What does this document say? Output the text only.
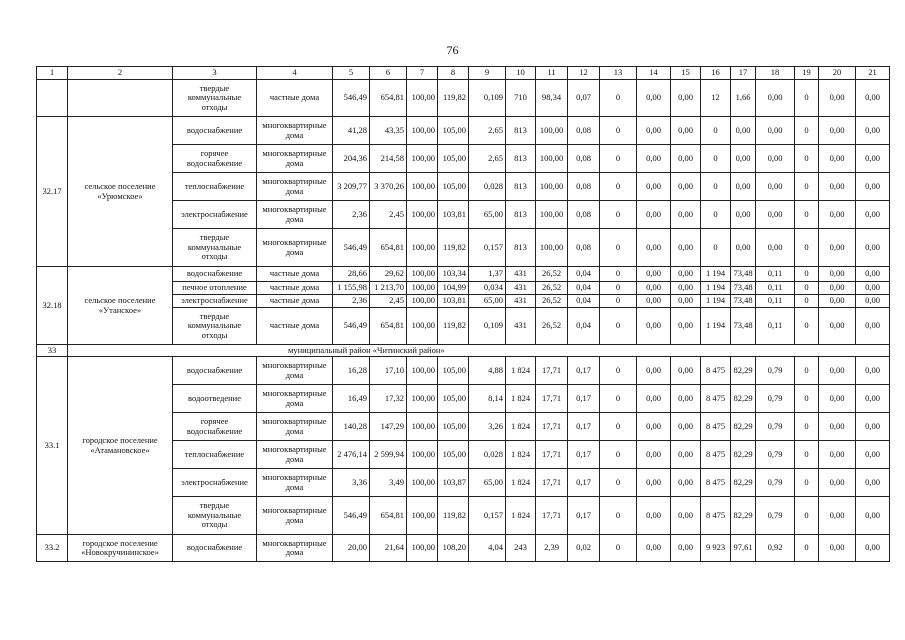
76
1	2	3	4	5	6	7	8	9	10	11	12	13	14	15	16	17	18	19	20	21
		твердые коммунальные отходы	частные дома	546,49	654,81	100,00	119,82	0,109	710	98,34	0,07	0	0,00	0,00	12	1,66	0,00	0	0,00	0,00
32.17	сельское поселение «Урюмское»	водоснабжение	многоквартирные дома	41,28	43,35	100,00	105,00	2,65	813	100,00	0,08	0	0,00	0,00	0	0,00	0,00	0	0,00	0,00
		горячее водоснабжение	многоквартирные дома	204,36	214,58	100,00	105,00	2,65	813	100,00	0,08	0	0,00	0,00	0	0,00	0,00	0	0,00	0,00
		теплоснабжение	многоквартирные дома	3 209,77	3 370,26	100,00	105,00	0,028	813	100,00	0,08	0	0,00	0,00	0	0,00	0,00	0	0,00	0,00
		электроснабжение	многоквартирные дома	2,36	2,45	100,00	103,81	65,00	813	100,00	0,08	0	0,00	0,00	0	0,00	0,00	0	0,00	0,00
		твердые коммунальные отходы	многоквартирные дома	546,49	654,81	100,00	119,82	0,157	813	100,00	0,08	0	0,00	0,00	0	0,00	0,00	0	0,00	0,00
32.18	сельское поселение «Утанское»	водоснабжение	частные дома	28,66	29,62	100,00	103,34	1,37	431	26,52	0,04	0	0,00	0,00	1 194	73,48	0,11	0	0,00	0,00
		печное отопление	частные дома	1 155,98	1 213,70	100,00	104,99	0,034	431	26,52	0,04	0	0,00	0,00	1 194	73,48	0,11	0	0,00	0,00
		электроснабжение	частные дома	2,36	2,45	100,00	103,81	65,00	431	26,52	0,04	0	0,00	0,00	1 194	73,48	0,11	0	0,00	0,00
		твердые коммунальные отходы	частные дома	546,49	654,81	100,00	119,82	0,109	431	26,52	0,04	0	0,00	0,00	1 194	73,48	0,11	0	0,00	0,00
33	муниципальный район «Читинский район»																			
33.1	городское поселение «Атамановское»	водоснабжение	многоквартирные дома	16,28	17,10	100,00	105,00	4,88	1 824	17,71	0,17	0	0,00	0,00	8 475	82,29	0,79	0	0,00	0,00
		водоотведение	многоквартирные дома	16,49	17,32	100,00	105,00	8,14	1 824	17,71	0,17	0	0,00	0,00	8 475	82,29	0,79	0	0,00	0,00
		горячее водоснабжение	многоквартирные дома	140,28	147,29	100,00	105,00	3,26	1 824	17,71	0,17	0	0,00	0,00	8 475	82,29	0,79	0	0,00	0,00
		теплоснабжение	многоквартирные дома	2 476,14	2 599,94	100,00	105,00	0,028	1 824	17,71	0,17	0	0,00	0,00	8 475	82,29	0,79	0	0,00	0,00
		электроснабжение	многоквартирные дома	3,36	3,49	100,00	103,87	65,00	1 824	17,71	0,17	0	0,00	0,00	8 475	82,29	0,79	0	0,00	0,00
		твердые коммунальные отходы	многоквартирные дома	546,49	654,81	100,00	119,82	0,157	1 824	17,71	0,17	0	0,00	0,00	8 475	82,29	0,79	0	0,00	0,00
33.2	городское поселение «Новокручининское»	водоснабжение	многоквартирные дома	20,00	21,64	100,00	108,20	4,04	243	2,39	0,02	0	0,00	0,00	9 923	97,61	0,92	0	0,00	0,00
